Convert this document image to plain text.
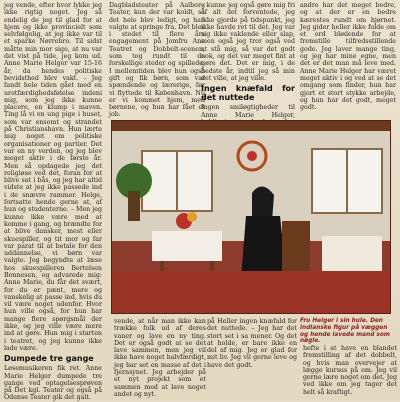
jeg vende, efter hvor lykke jeg ikke rigtig noget. Jeg så endelig de jeg til glad for at hjem og ikke provincielt som selvfølgelig, at jeg ikke var til et sparke Nørrebro. Til sidst måtte min mor sige, at nu var det vist på tide, jeg kom ud. Anne Marie Helger var 15-16 år, da hendes politiske bevidsthed blev vakt. – Jeg fandt hele tiden gået med en uretfærdighedsfølelse indeni mig, som jeg ikke kunne placere, en klump i maven. Ting lå vi en ung pige i huset, som var ensomt og strandet på Christianshavn. Hun lærte mig noget om politiske organisationer og partier. Det var en ny verden, og jeg blev meget aktiv i de første år. Men så opdagede jeg det religiøse ved det, foran for at blive sat i bås, og jeg har altid vidste at jeg ikke passede ind i de snævre rammer. Helge, fortsatte hende gerne at, af hun og studenterne. – Men jeg kunne ikke være med at komme i gang, og brændte for at blive dansker, mest eller skuespiller, og tit mor og far var parat til at betale for den uddannelse, vi børn var valgte. Jeg begyndte at læse hos skuespilleren Bertelsen Bonnesen, og advarede mig: Anne Marie, du får det svært, for du er pænt, mere og vanskelig at passe ind, hvis du vil være noget udenfor. Hvor hun ville også, for hun har mange flere spørgsmål der ikke, og jeg ville være mere ind at gøre. Hun mig i starten i teatret, og jeg kunne ikke lade være.

Dumpede tre gange

Løsemusikeren fik ret. Anne Marie Helger dumpede tre gange ved optagelsesprøven på Det kgl. Teater og også på Odense Teater gik det galt.

Dagbladsteater på Aalborg Teater, kun der var koldt, så det hele blev ledigt, og han valgte at springe fra. Det blev i stedet til flere års engagement på Jomfru Ane Teatret og Dobbelt-scenen, som tog rundt til de forskellige steder og spillede. I mellemtiden blev hun også gift og fik børn, som var spændende og lærerige, før vi flyttede til København. Nu er vi kommet hjem, med børnene, og hun har fået et job.

– kunne jeg også gøre mig fri af alt det forventede, jeg ikke gjorde på tidspunkt, jeg ikke havde ret til det. Jeg var sig ikke vaklende eller slap, men også jeg tror også ved at stå mig, så var det godt nok, og det var meget fint at gøre det. Det er mig, i de bedste år, indtil jeg så min det ville, at jeg ville.

Ingen knæfald for det nuttede

Ingen smiløgtigheder til Anne Marie Helger,

andre har det meget bedre, og at der er en bedre kærestes rundt om hjørnet. Jeg gider heller ikke folde om et ord blødende for at fremstille tilfredsstillende gode. Jeg laver mange ting, og jeg har mine egne, men det er det man må leve med. Anne Marie Helger har været meget aktiv i og ved at se det omgang som finder, hun har gjort et stort stykke arbejde, og hun har det godt, meget godt.

vende, at når man ikke kan trække folk ud af deres vaner og lave en ny ting. Det er også godt at se det lave sammen, men jeg vil ikke have noget halvfærdigt, jeg har set en masse af det i fjernsynet. Jeg arbejder på et nyt projekt som et sammen med at lave noget andet og nyt.

på Heller ingen knæfald for det nuttede. – Jeg har det stort set i sa mener. Og det at holde, er bare ikke en del af mig. Jeg er glad for mit liv. Jeg vil gerne leve og have det godt.

Fru Helger i sin hule. Den indianske figur på væggen og hende lavede mand som nøgle.

hefte i at have en blandet fremstilling af det dobbelt, og hvis man overvejer at lægge kursus på om. Jeg vil gerne lære noget om det. Jeg ved ikke om jeg tager det helt så kraftigt.
